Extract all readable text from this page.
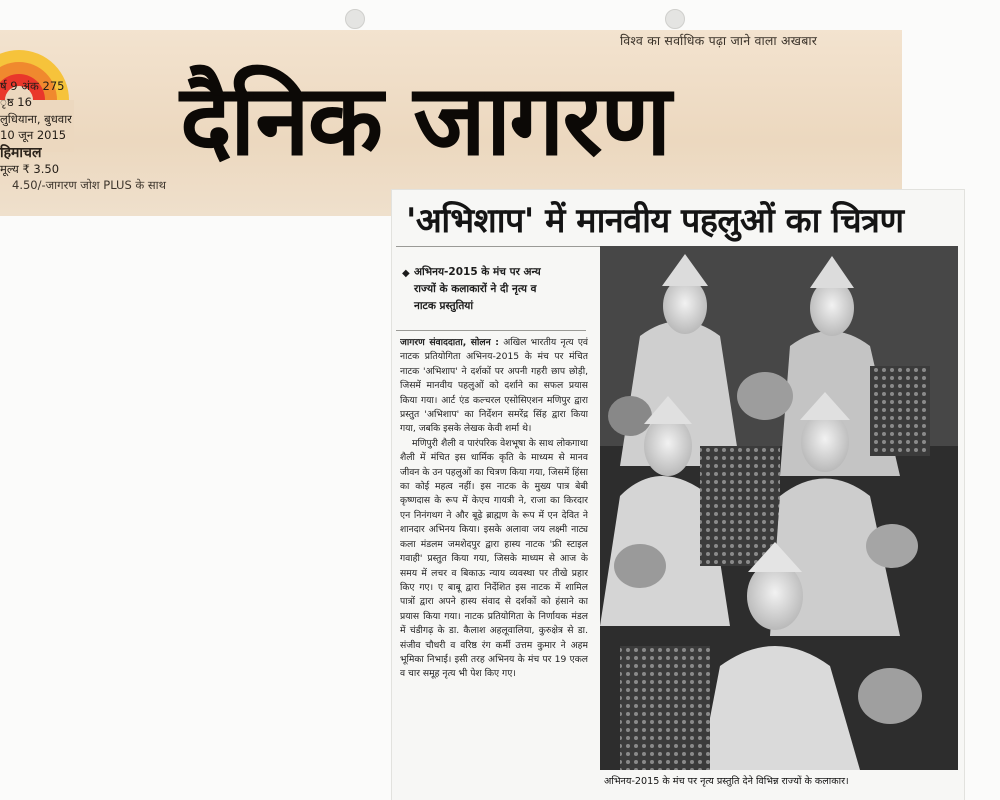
विश्व का सर्वाधिक पढ़ा जाने वाला अखबार
र्ष 9 अंक 275
ृष्ठ 16
लुधियाना, बुधवार
10 जून 2015
हिमाचल
मूल्य ₹ 3.50
4.50/-जागरण जोश PLUS के साथ
दैनिक जागरण
'अभिशाप' में मानवीय पहलुओं का चित्रण
◆ अभिनय-2015 के मंच पर अन्य
राज्यों के कलाकारों ने दी नृत्य व
नाटक प्रस्तुतियां

जागरण संवाददाता, सोलन : अखिल भारतीय नृत्य एवं नाटक प्रतियोगिता अभिनय-2015 के मंच पर मंचित नाटक 'अभिशाप' ने दर्शकों पर अपनी गहरी छाप छोड़ी, जिसमें मानवीय पहलुओं को दर्शाने का सफल प्रयास किया गया। आर्ट एंड कल्चरल एसोसिएशन मणिपुर द्वारा प्रस्तुत 'अभिशाप' का निर्देशन समरेंद्र सिंह द्वारा किया गया, जबकि इसके लेखक केवी शर्मा थे।

मणिपुरी शैली व पारंपरिक वेशभूषा के साथ लोकगाथा शैली में मंचित इस धार्मिक कृति के माध्यम से मानव जीवन के उन पहलुओं का चित्रण किया गया, जिसमें हिंसा का कोई महत्व नहीं। इस नाटक के मुख्य पात्र बेबी कृष्णदास के रूप में केएच गायत्री ने, राजा का किरदार एन निनंगथग ने और बूढ़े ब्राह्मण के रूप में एन देवित ने शानदार अभिनय किया। इसके अलावा जय लक्ष्मी नाट्य कला मंडलम जमशेदपुर द्वारा हास्य नाटक 'फ्री स्टाइल गवाही' प्रस्तुत किया गया, जिसके माध्यम से आज के समय में लचर व बिकाऊ न्याय व्यवस्था पर तीखे प्रहार किए गए। ए बाबू द्वारा निर्देशित इस नाटक में शामिल पात्रों द्वारा अपने हास्य संवाद से दर्शकों को हंसाने का प्रयास किया गया। नाटक प्रतियोगिता के निर्णायक मंडल में चंडीगढ़ के डा. कैलाश अहलूवालिया, कुरुक्षेत्र से डा. संजीव चौधरी व वरिष्ठ रंग कर्मी उत्तम कुमार ने अहम भूमिका निभाई। इसी तरह अभिनय के मंच पर 19 एकल व चार समूह नृत्य भी पेश किए गए।

अभिनय-2015 के मंच पर नृत्य प्रस्तुति देने विभिन्न राज्यों के कलाकार।
